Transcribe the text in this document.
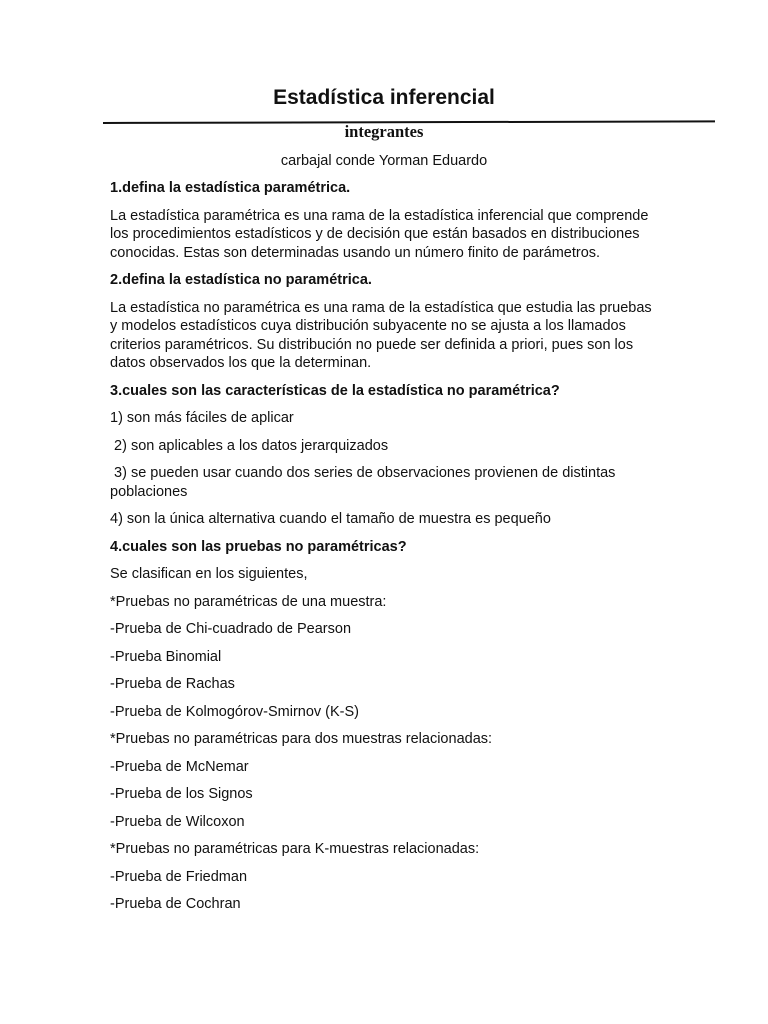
Estadística inferencial

integrantes

carbajal conde Yorman Eduardo

1.defina la estadística paramétrica.

La estadística paramétrica es una rama de la estadística inferencial que comprende los procedimientos estadísticos y de decisión que están basados en distribuciones conocidas. Estas son determinadas usando un número finito de parámetros.

2.defina la estadística no paramétrica.

La estadística no paramétrica es una rama de la estadística que estudia las pruebas y modelos estadísticos cuya distribución subyacente no se ajusta a los llamados criterios paramétricos. Su distribución no puede ser definida a priori, pues son los datos observados los que la determinan.

3.cuales son las características de la estadística no paramétrica?

1) son más fáciles de aplicar

2) son aplicables a los datos jerarquizados

3) se pueden usar cuando dos series de observaciones provienen de distintas poblaciones

4) son la única alternativa cuando el tamaño de muestra es pequeño

4.cuales son las pruebas no paramétricas?

Se clasifican en los siguientes,

*Pruebas no paramétricas de una muestra:

-Prueba de Chi-cuadrado de Pearson

-Prueba Binomial

-Prueba de Rachas

-Prueba de Kolmogórov-Smirnov (K-S)

*Pruebas no paramétricas para dos muestras relacionadas:

-Prueba de McNemar

-Prueba de los Signos

-Prueba de Wilcoxon

*Pruebas no paramétricas para K-muestras relacionadas:

-Prueba de Friedman

-Prueba de Cochran
